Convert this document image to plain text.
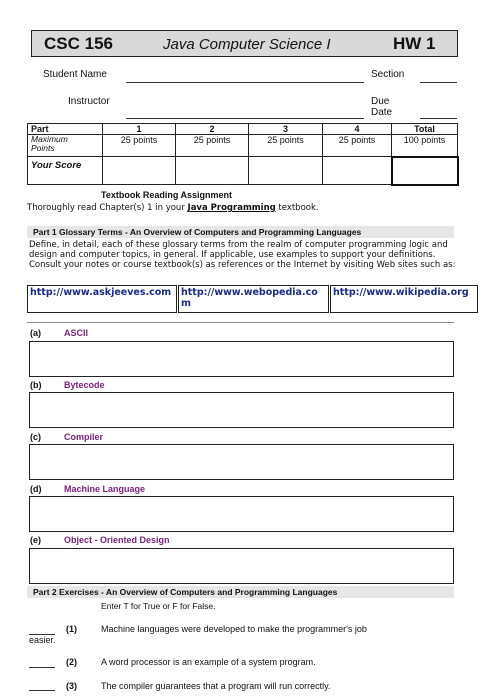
CSC 156	Java Computer Science I	HW 1
Student Name	Section
Instructor	Due
Date
Part	1	2	3	4	Total
Maximum
Points	25 points	25 points	25 points	25 points	100 points
Your Score					
Textbook Reading Assignment
Thoroughly read Chapter(s) 1 in your Java Programming textbook.
Part 1 Glossary Terms - An Overview of Computers and Programming Languages
Define, in detail, each of these glossary terms from the realm of computer programming logic and design and computer topics, in general. If applicable, use examples to support your definitions. Consult your notes or course textbook(s) as references or the Internet by visiting Web sites such as:
http://www.askjeeves.com	http://www.webopedia.com
http://www.wikipedia.org
(a)	ASCII
(b)	Bytecode
(c)	Compiler
(d)	Machine Language
(e)	Object - Oriented Design
Part 2 Exercises - An Overview of Computers and Programming Languages
Enter T for True or F for False.
(1)	Machine languages were developed to make the programmer's job
easier.
(2)	A word processor is an example of a system program.
(3)	The compiler guarantees that a program will run correctly.
